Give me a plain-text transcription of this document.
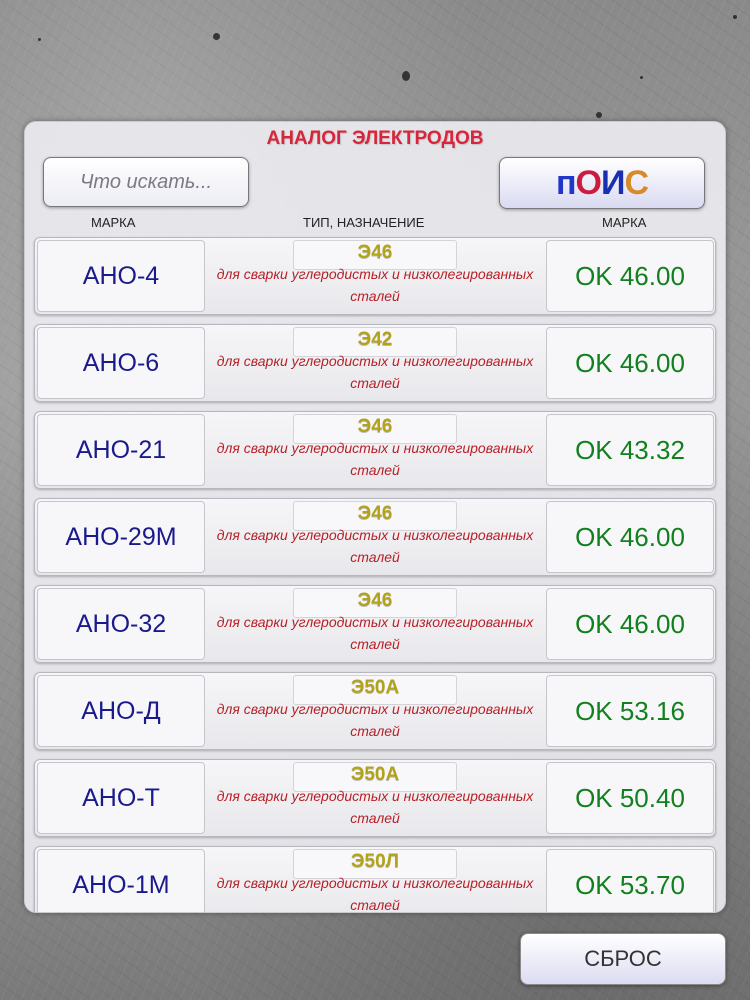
АНАЛОГ ЭЛЕКТРОДОВ
Что искать...
п О И С
МАРКА	ТИП, НАЗНАЧЕНИЕ	МАРКА
АНО-4
Э46
для сварки углеродистых и низколегированных сталей
OK 46.00
АНО-6
Э42
для сварки углеродистых и низколегированных сталей
OK 46.00
АНО-21
Э46
для сварки углеродистых и низколегированных сталей
OK 43.32
АНО-29М
Э46
для сварки углеродистых и низколегированных сталей
OK 46.00
АНО-32
Э46
для сварки углеродистых и низколегированных сталей
OK 46.00
АНО-Д
Э50А
для сварки углеродистых и низколегированных сталей
OK 53.16
АНО-Т
Э50А
для сварки углеродистых и низколегированных сталей
OK 50.40
АНО-1М
Э50Л
для сварки углеродистых и низколегированных сталей
OK 53.70
СБРОС
